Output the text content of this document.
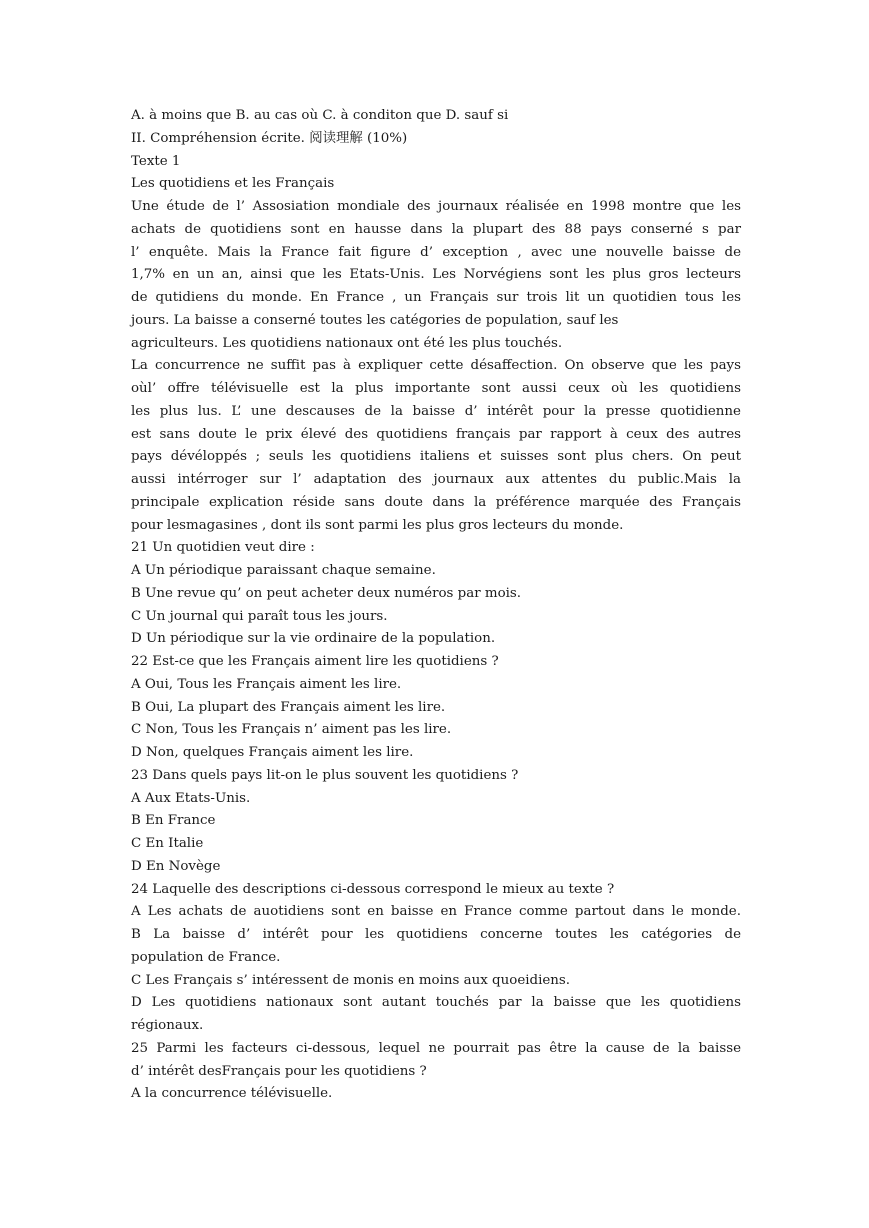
A. à moins que B. au cas où C. à conditon que D. sauf si
II. Compréhension écrite. 阅读理解 (10%)
Texte 1
Les quotidiens et les Français
Une étude de l’ Assosiation mondiale des journaux réalisée en 1998 montre que les
achats de quotidiens sont en hausse dans la plupart des 88 pays conserné s par
l’ enquête. Mais la France fait figure d’ exception , avec une nouvelle baisse de
1,7% en un an, ainsi que les Etats-Unis. Les Norvégiens sont les plus gros lecteurs
de qutidiens du monde. En France , un Français sur trois lit un quotidien tous les
jours. La baisse a conserné toutes les catégories de population, sauf les
agriculteurs. Les quotidiens nationaux ont été les plus touchés.
La concurrence ne suffit pas à expliquer cette désaffection. On observe que les pays
oùl’ offre télévisuelle est la plus importante sont aussi ceux où les quotidiens
les plus lus. L’ une descauses de la baisse d’ intérêt pour la presse quotidienne
est sans doute le prix élevé des quotidiens français par rapport à ceux des autres
pays dévéloppés ; seuls les quotidiens italiens et suisses sont plus chers. On peut
aussi intérroger sur l’ adaptation des journaux aux attentes du public.Mais la
principale explication réside sans doute dans la préférence marquée des Français
pour lesmagasines , dont ils sont parmi les plus gros lecteurs du monde.
21 Un quotidien veut dire :
A Un périodique paraissant chaque semaine.
B Une revue qu’ on peut acheter deux numéros par mois.
C Un journal qui paraît tous les jours.
D Un périodique sur la vie ordinaire de la population.
22 Est-ce que les Français aiment lire les quotidiens ?
A Oui, Tous les Français aiment les lire.
B Oui, La plupart des Français aiment les lire.
C Non, Tous les Français n’ aiment pas les lire.
D Non, quelques Français aiment les lire.
23 Dans quels pays lit-on le plus souvent les quotidiens ?
A Aux Etats-Unis.
B En France
C En Italie
D En Novège
24 Laquelle des descriptions ci-dessous correspond le mieux au texte ?
A Les achats de auotidiens sont en baisse en France comme partout dans le monde.
B La baisse d’ intérêt pour les quotidiens concerne toutes les catégories de
population de France.
C Les Français s’ intéressent de monis en moins aux quoeidiens.
D Les quotidiens nationaux sont autant touchés par la baisse que les quotidiens
régionaux.
25 Parmi les facteurs ci-dessous, lequel ne pourrait pas être la cause de la baisse
d’ intérêt desFrançais pour les quotidiens ?
A la concurrence télévisuelle.
